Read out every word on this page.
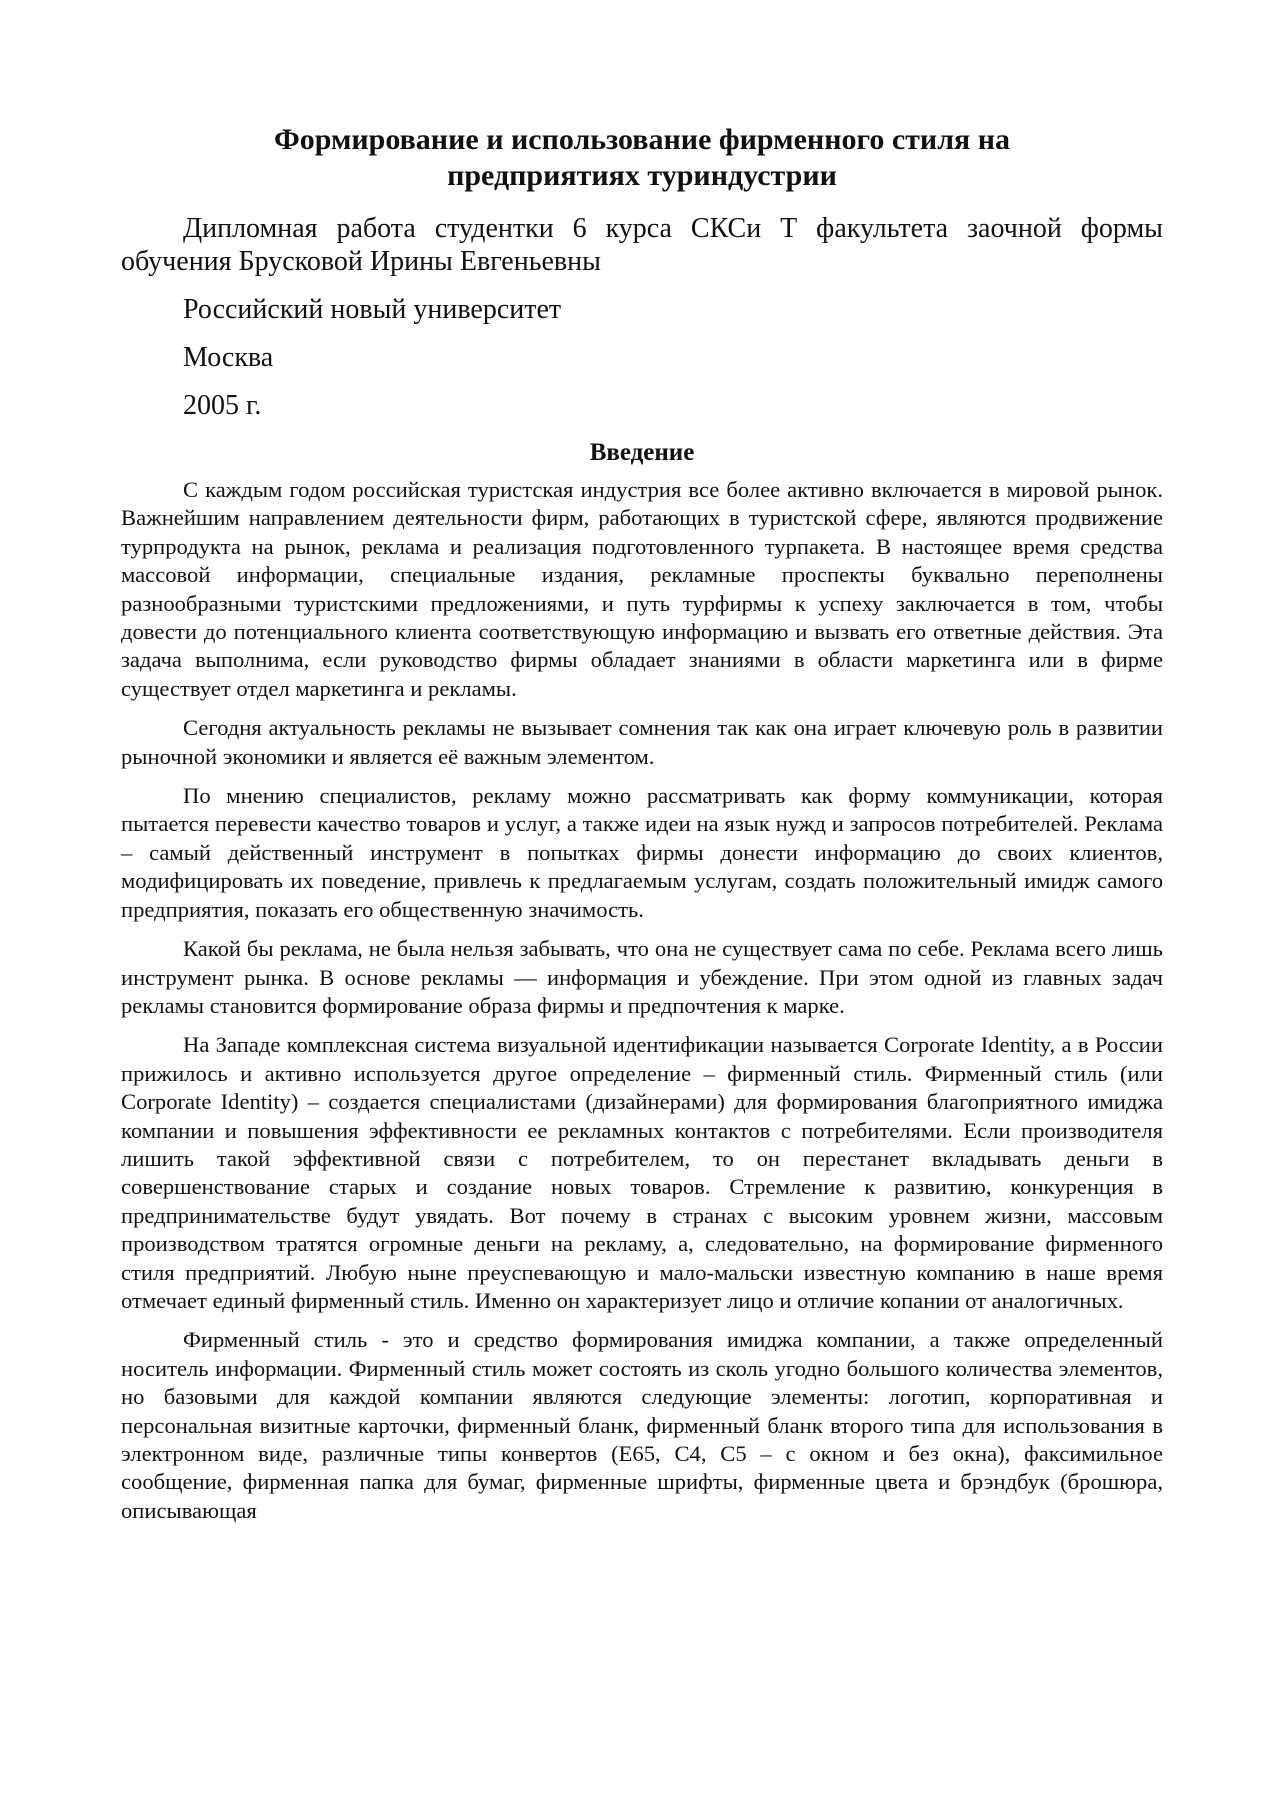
Формирование и использование фирменного стиля на предприятиях туриндустрии

Дипломная работа студентки 6 курса СКСи Т факультета заочной формы обучения Брусковой Ирины Евгеньевны

Российский новый университет

Москва

2005 г.

Введение

С каждым годом российская туристская индустрия все более активно включается в мировой рынок. Важнейшим направлением деятельности фирм, работающих в туристской сфере, являются продвижение турпродукта на рынок, реклама и реализация подготовленного турпакета. В настоящее время средства массовой информации, специальные издания, рекламные проспекты буквально переполнены разнообразными туристскими предложениями, и путь турфирмы к успеху заключается в том, чтобы довести до потенциального клиента соответствующую информацию и вызвать его ответные действия. Эта задача выполнима, если руководство фирмы обладает знаниями в области маркетинга или в фирме существует отдел маркетинга и рекламы.

Сегодня актуальность рекламы не вызывает сомнения так как она играет ключевую роль в развитии рыночной экономики и является её важным элементом.

По мнению специалистов, рекламу можно рассматривать как форму коммуникации, которая пытается перевести качество товаров и услуг, а также идеи на язык нужд и запросов потребителей. Реклама – самый действенный инструмент в попытках фирмы донести информацию до своих клиентов, модифицировать их поведение, привлечь к предлагаемым услугам, создать положительный имидж самого предприятия, показать его общественную значимость.

Какой бы реклама, не была нельзя забывать, что она не существует сама по себе. Реклама всего лишь инструмент рынка. В основе рекламы — информация и убеждение. При этом одной из главных задач рекламы становится формирование образа фирмы и предпочтения к марке.

На Западе комплексная система визуальной идентификации называется Corporate Identity, а в России прижилось и активно используется другое определение – фирменный стиль. Фирменный стиль (или Corporate Identity) – создается специалистами (дизайнерами) для формирования благоприятного имиджа компании и повышения эффективности ее рекламных контактов с потребителями. Если производителя лишить такой эффективной связи с потребителем, то он перестанет вкладывать деньги в совершенствование старых и создание новых товаров. Стремление к развитию, конкуренция в предпринимательстве будут увядать. Вот почему в странах с высоким уровнем жизни, массовым производством тратятся огромные деньги на рекламу, а, следовательно, на формирование фирменного стиля предприятий. Любую ныне преуспевающую и мало-мальски известную компанию в наше время отмечает единый фирменный стиль. Именно он характеризует лицо и отличие копании от аналогичных.

Фирменный стиль - это и средство формирования имиджа компании, а также определенный носитель информации. Фирменный стиль может состоять из сколь угодно большого количества элементов, но базовыми для каждой компании являются следующие элементы: логотип, корпоративная и персональная визитные карточки, фирменный бланк, фирменный бланк второго типа для использования в электронном виде, различные типы конвертов (Е65, С4, С5 – с окном и без окна), факсимильное сообщение, фирменная папка для бумаг, фирменные шрифты, фирменные цвета и брэндбук (брошюра, описывающая
